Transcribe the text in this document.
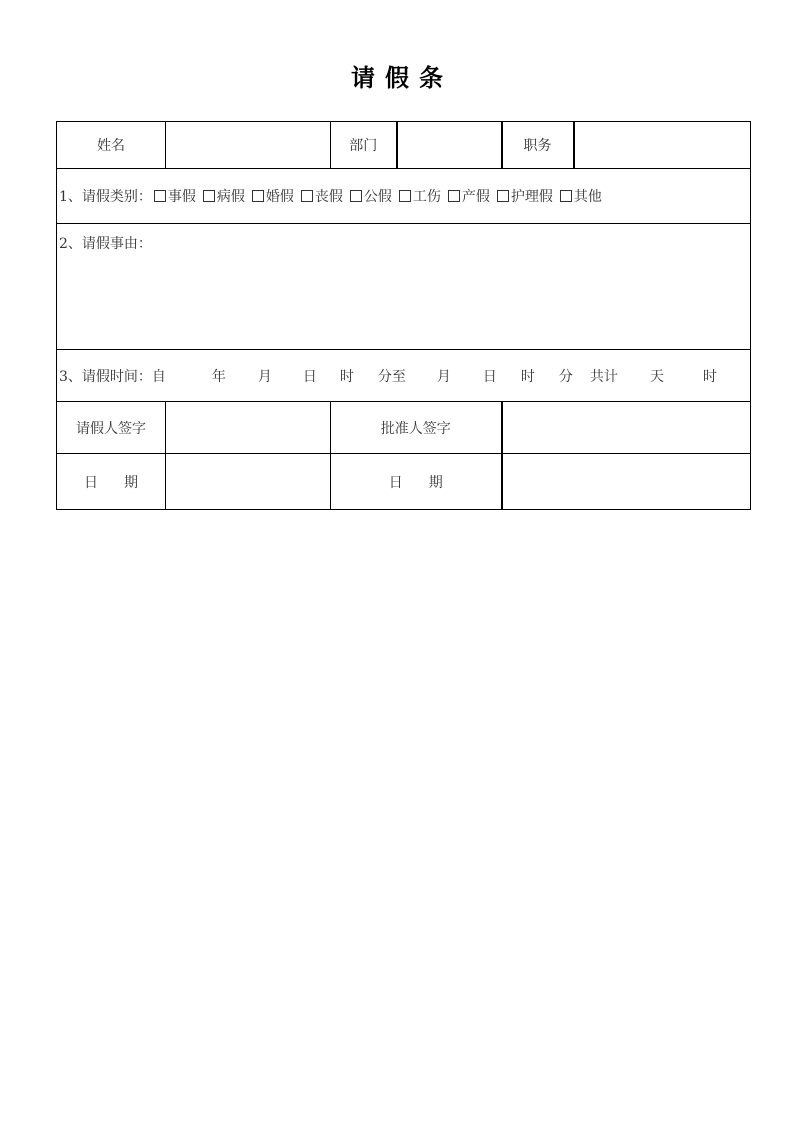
请 假 条
姓名		部门		职务	
1、请假类别： 事假 病假 婚假 丧假 公假 工伤 产假 护理假 其他					
2、请假事由：					
3、请假时间：自 年 月 日 时 分至 月 日 时 分 共计 天 时					
请假人签字		批准人签字			
日 期		日 期			
